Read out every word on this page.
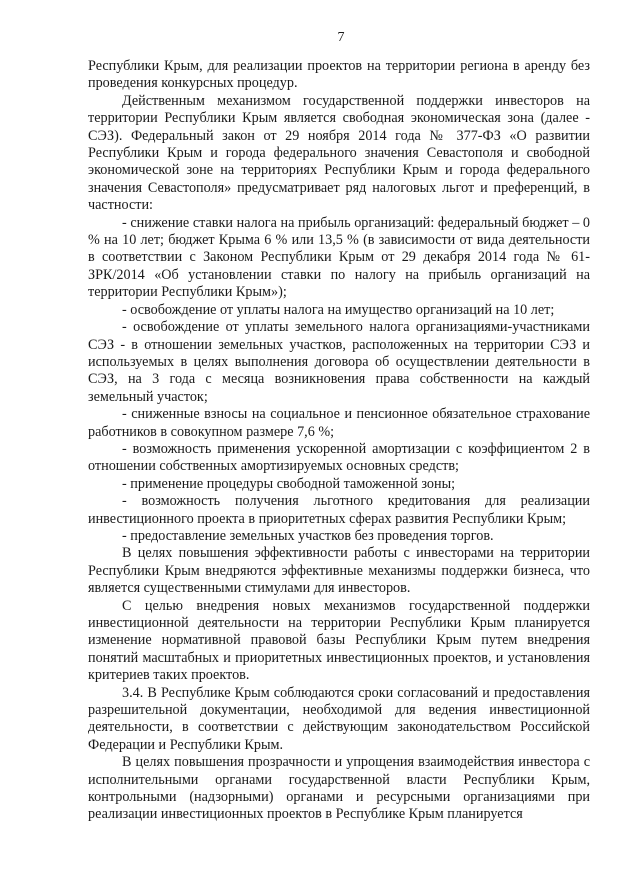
7

Республики Крым, для реализации проектов на территории региона в аренду без проведения конкурсных процедур.

Действенным механизмом государственной поддержки инвесторов на территории Республики Крым является свободная экономическая зона (далее - СЭЗ). Федеральный закон от 29 ноября 2014 года № 377-ФЗ «О развитии Республики Крым и города федерального значения Севастополя и свободной экономической зоне на территориях Республики Крым и города федерального значения Севастополя» предусматривает ряд налоговых льгот и преференций, в частности:

- снижение ставки налога на прибыль организаций: федеральный бюджет – 0 % на 10 лет; бюджет Крыма 6 % или 13,5 % (в зависимости от вида деятельности в соответствии с Законом Республики Крым от 29 декабря 2014 года № 61-ЗРК/2014 «Об установлении ставки по налогу на прибыль организаций на территории Республики Крым»);

- освобождение от уплаты налога на имущество организаций на 10 лет;

- освобождение от уплаты земельного налога организациями-участниками СЭЗ - в отношении земельных участков, расположенных на территории СЭЗ и используемых в целях выполнения договора об осуществлении деятельности в СЭЗ, на 3 года с месяца возникновения права собственности на каждый земельный участок;

- сниженные взносы на социальное и пенсионное обязательное страхование работников в совокупном размере 7,6 %;

- возможность применения ускоренной амортизации с коэффициентом 2 в отношении собственных амортизируемых основных средств;

- применение процедуры свободной таможенной зоны;

- возможность получения льготного кредитования для реализации инвестиционного проекта в приоритетных сферах развития Республики Крым;

- предоставление земельных участков без проведения торгов.

В целях повышения эффективности работы с инвесторами на территории Республики Крым внедряются эффективные механизмы поддержки бизнеса, что является существенными стимулами для инвесторов.

С целью внедрения новых механизмов государственной поддержки инвестиционной деятельности на территории Республики Крым планируется изменение нормативной правовой базы Республики Крым путем внедрения понятий масштабных и приоритетных инвестиционных проектов, и установления критериев таких проектов.

3.4. В Республике Крым соблюдаются сроки согласований и предоставления разрешительной документации, необходимой для ведения инвестиционной деятельности, в соответствии с действующим законодательством Российской Федерации и Республики Крым.

В целях повышения прозрачности и упрощения взаимодействия инвестора с исполнительными органами государственной власти Республики Крым, контрольными (надзорными) органами и ресурсными организациями при реализации инвестиционных проектов в Республике Крым планируется
